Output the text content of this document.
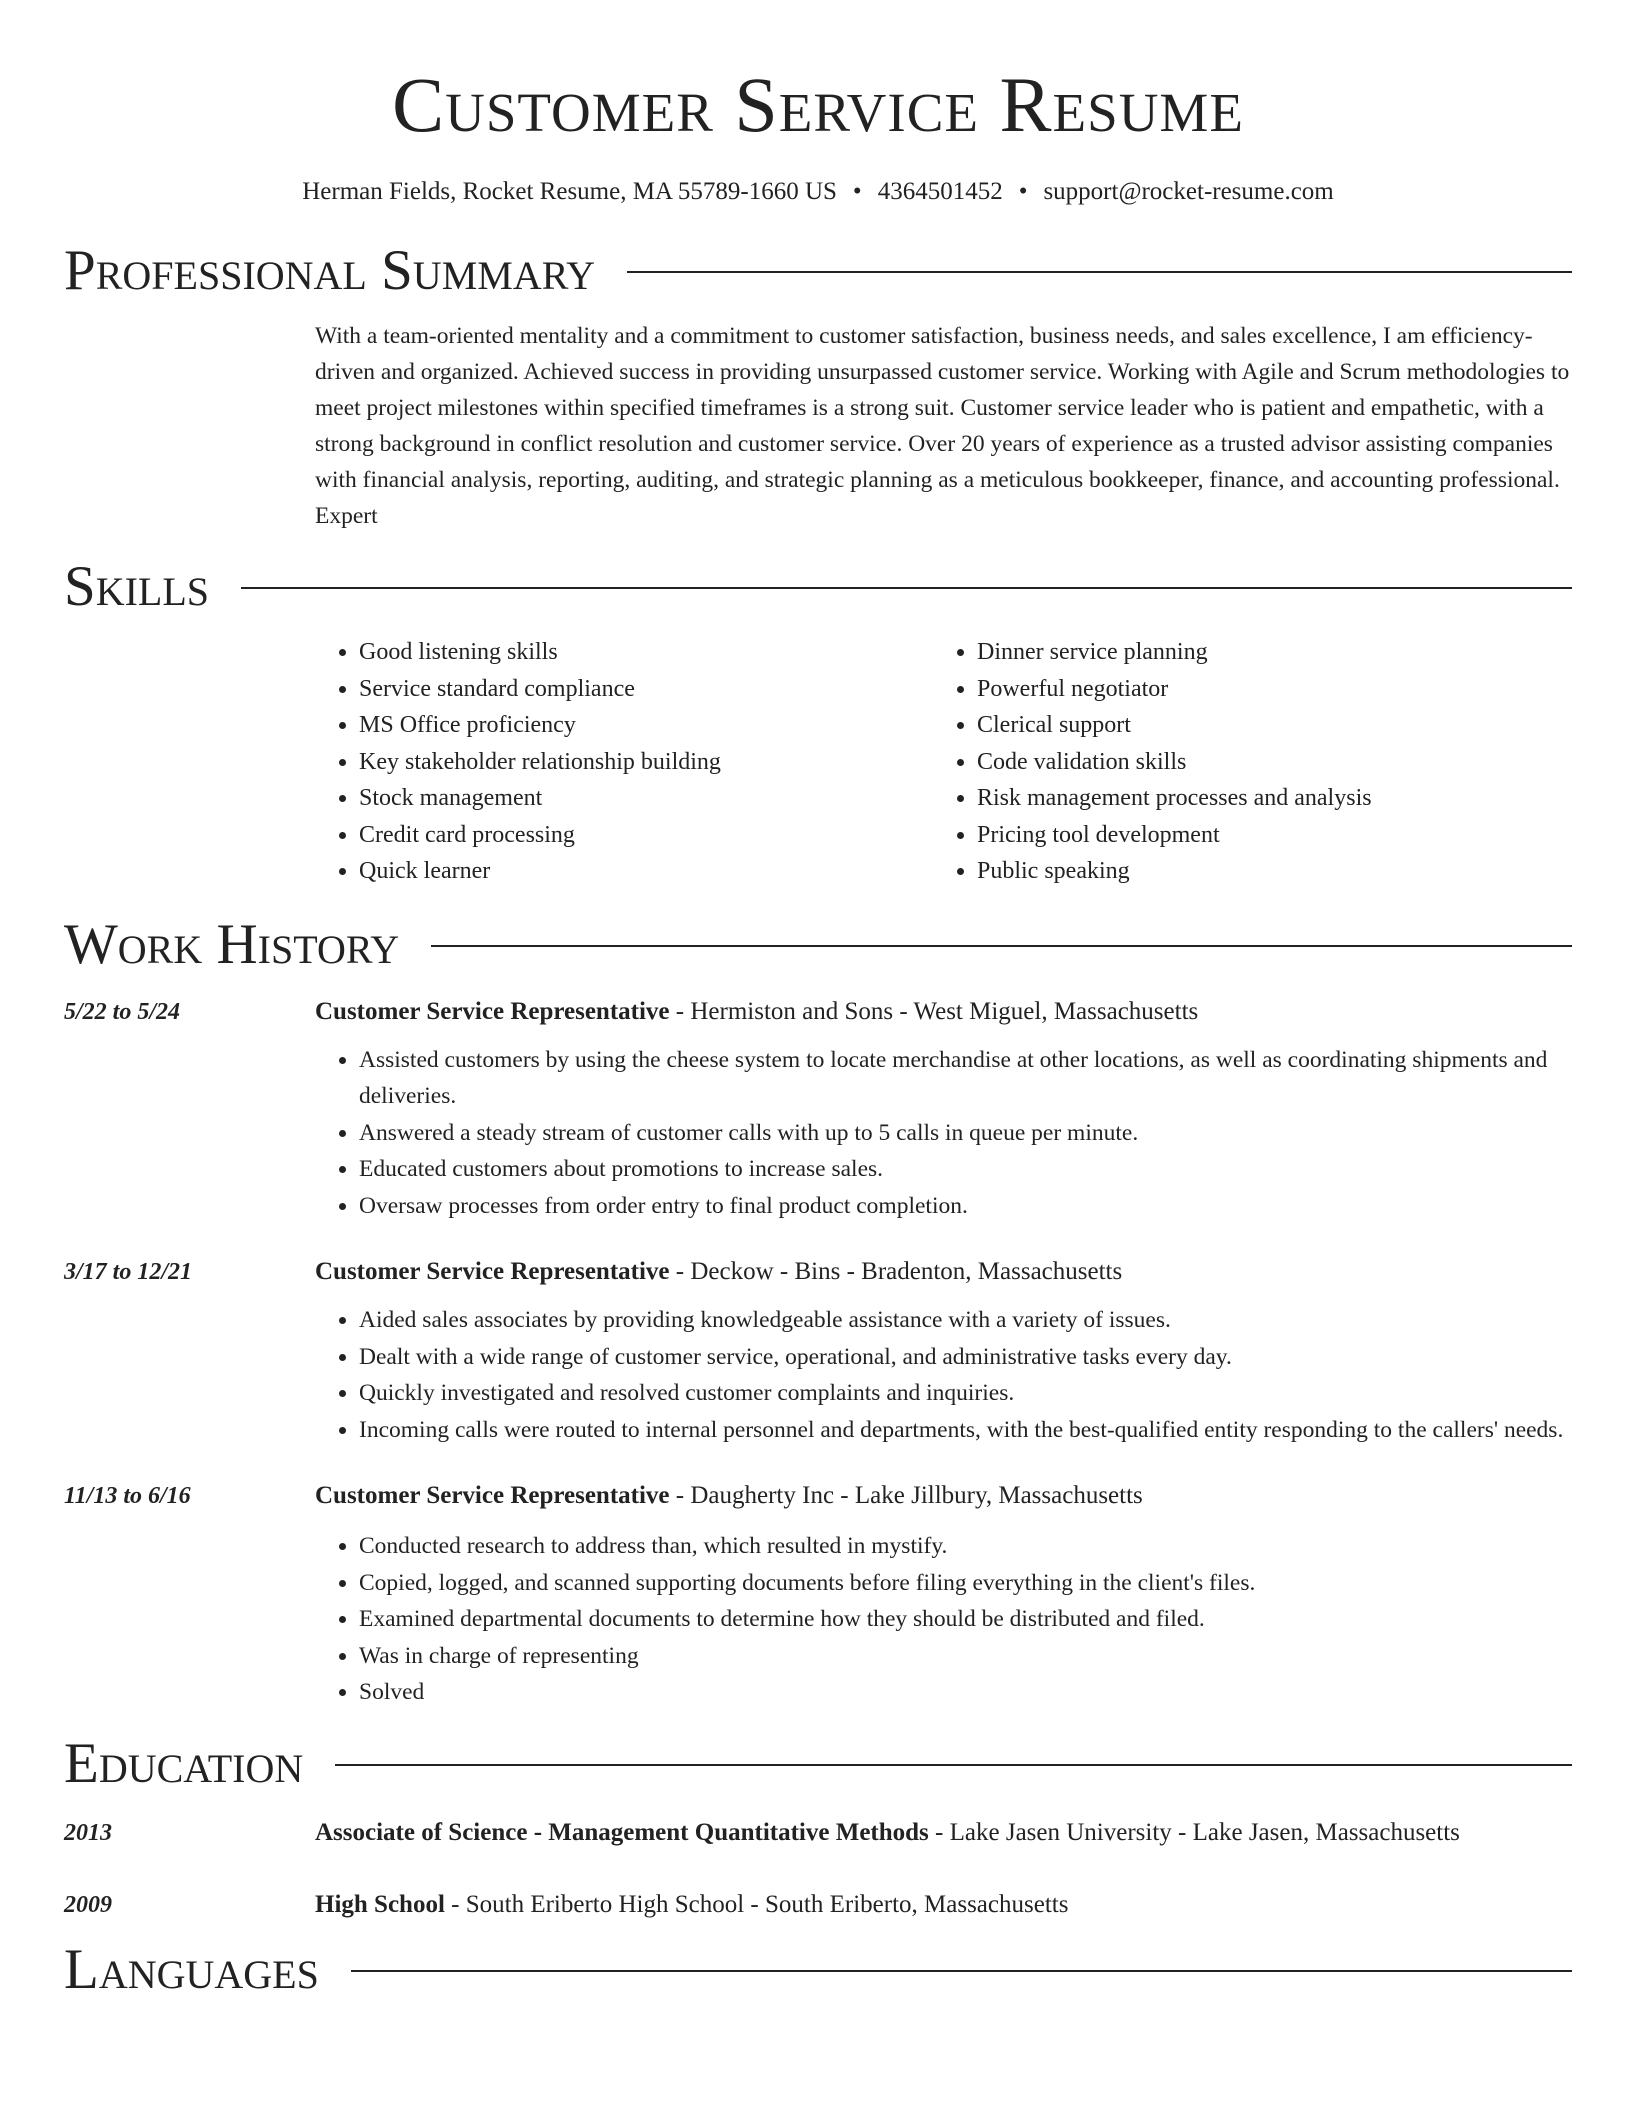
Customer Service Resume
Herman Fields, Rocket Resume, MA 55789-1660 US • 4364501452 • support@rocket-resume.com
Professional Summary
With a team-oriented mentality and a commitment to customer satisfaction, business needs, and sales excellence, I am efficiency-driven and organized. Achieved success in providing unsurpassed customer service. Working with Agile and Scrum methodologies to meet project milestones within specified timeframes is a strong suit. Customer service leader who is patient and empathetic, with a strong background in conflict resolution and customer service. Over 20 years of experience as a trusted advisor assisting companies with financial analysis, reporting, auditing, and strategic planning as a meticulous bookkeeper, finance, and accounting professional. Expert
Skills
• Good listening skills
• Service standard compliance
• MS Office proficiency
• Key stakeholder relationship building
• Stock management
• Credit card processing
• Quick learner
• Dinner service planning
• Powerful negotiator
• Clerical support
• Code validation skills
• Risk management processes and analysis
• Pricing tool development
• Public speaking
Work History
5/22 to 5/24	Customer Service Representative - Hermiston and Sons - West Miguel, Massachusetts
• Assisted customers by using the cheese system to locate merchandise at other locations, as well as coordinating shipments and deliveries.
• Answered a steady stream of customer calls with up to 5 calls in queue per minute.
• Educated customers about promotions to increase sales.
• Oversaw processes from order entry to final product completion.
3/17 to 12/21	Customer Service Representative - Deckow - Bins - Bradenton, Massachusetts
• Aided sales associates by providing knowledgeable assistance with a variety of issues.
• Dealt with a wide range of customer service, operational, and administrative tasks every day.
• Quickly investigated and resolved customer complaints and inquiries.
• Incoming calls were routed to internal personnel and departments, with the best-qualified entity responding to the callers' needs.
11/13 to 6/16	Customer Service Representative - Daugherty Inc - Lake Jillbury, Massachusetts
• Conducted research to address than, which resulted in mystify.
• Copied, logged, and scanned supporting documents before filing everything in the client's files.
• Examined departmental documents to determine how they should be distributed and filed.
• Was in charge of representing
• Solved
Education
2013	Associate of Science - Management Quantitative Methods - Lake Jasen University - Lake Jasen, Massachusetts
2009	High School - South Eriberto High School - South Eriberto, Massachusetts
Languages
